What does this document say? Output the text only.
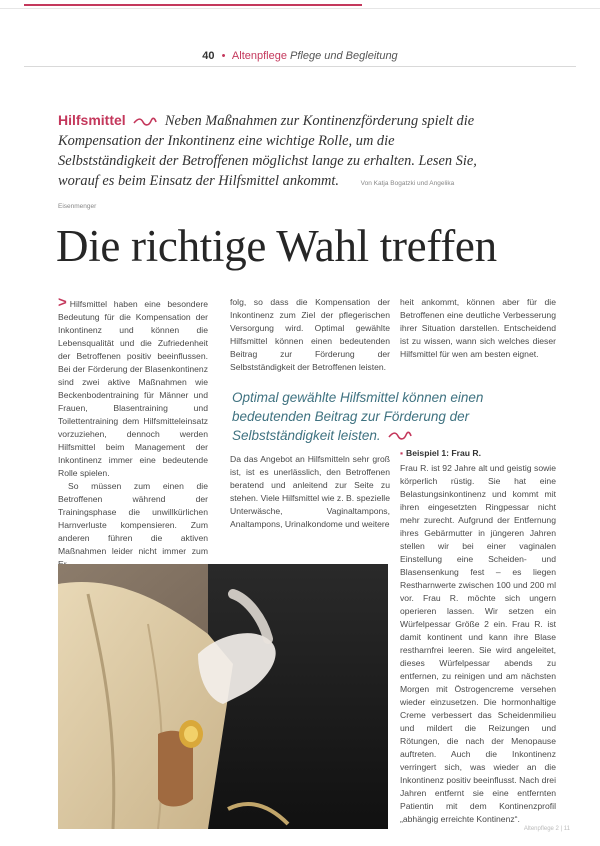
40 • Altenpflege Pflege und Begleitung
Hilfsmittel	Neben Maßnahmen zur Kontinenzförderung spielt die Kompensation der Inkontinenz eine wichtige Rolle, um die Selbstständigkeit der Betroffenen möglichst lange zu erhalten. Lesen Sie, worauf es beim Einsatz der Hilfsmittel ankommt.	Von Katja Bogatzki und Angelika Eisenmenger
Die richtige Wahl treffen

> Hilfsmittel haben eine besondere Bedeutung für die Kompensation der Inkontinenz und können die Lebensqualität und die Zufriedenheit der Betroffenen positiv beeinflussen. Bei der Förderung der Blasenkontinenz sind zwei aktive Maßnahmen wie Beckenbodentraining für Männer und Frauen, Blasentraining und Toilettentraining dem Hilfsmitteleinsatz vorzuziehen, dennoch werden Hilfsmittel beim Management der Inkontinenz immer eine bedeutende Rolle spielen.

So müssen zum einen die Betroffenen während der Trainingsphase die unwillkürlichen Harnverluste kompensieren. Zum anderen führen die aktiven Maßnahmen leider nicht immer zum

folg, so dass die Kompensation der Inkontinenz zum Ziel der pflegerischen Versorgung wird. Optimal gewählte Hilfsmittel können einen bedeutenden Beitrag zur Förderung der Selbstständigkeit der Betroffenen leisten.

heit ankommt, können aber für die Betroffenen eine deutliche Verbesserung ihrer Situation darstellen. Entscheidend ist zu wissen, wann sich welches dieser Hilfsmittel für wen am besten eignet.

Optimal gewählte Hilfsmittel können einen bedeutenden Beitrag zur Förderung der Selbstständigkeit leisten.

Da das Angebot an Hilfsmitteln sehr groß ist, ist es unerlässlich, den Betroffenen beratend und anleitend zur Seite zu stehen. Viele Hilfsmittel wie z. B. spezielle Unterwäsche, Vaginaltampons, Analtampons, Urinalkondome und weitere

▪ Beispiel 1: Frau R.

Frau R. ist 92 Jahre alt und geistig sowie körperlich rüstig. Sie hat eine Belastungsinkontinenz und kommt mit ihren eingesetzten Ringpessar nicht mehr zurecht. Aufgrund der Entfernung ihres Gebärmutter in jüngeren Jahren stellen wir bei einer vaginalen Einstellung eine Scheiden- und Blasensenkung fest – es liegen Restharnwerte zwischen 100 und 200 ml vor. Frau R. möchte sich ungern operieren lassen. Wir setzen ein Würfelpessar Größe 2 ein. Frau R. ist damit kontinent und kann ihre Blase restharnfrei leeren. Sie wird angeleitet, dieses Würfelpessar abends zu entfernen, zu reinigen und am nächsten Morgen mit Östrogencreme versehen wieder einzusetzen. Die hormonhaltige Creme verbessert das Scheidenmilieu und mildert die Reizungen und Rötungen, die nach der Menopause auftreten. Auch die Inkontinenz verringert sich, was wieder an die Inkontinenz positiv beeinflusst. Nach drei Jahren entfernt sie eine entfernten Patientin mit dem Kontinenzprofil „abhängig erreichte Kontinenz“.

Altenpflege 2 | 11
